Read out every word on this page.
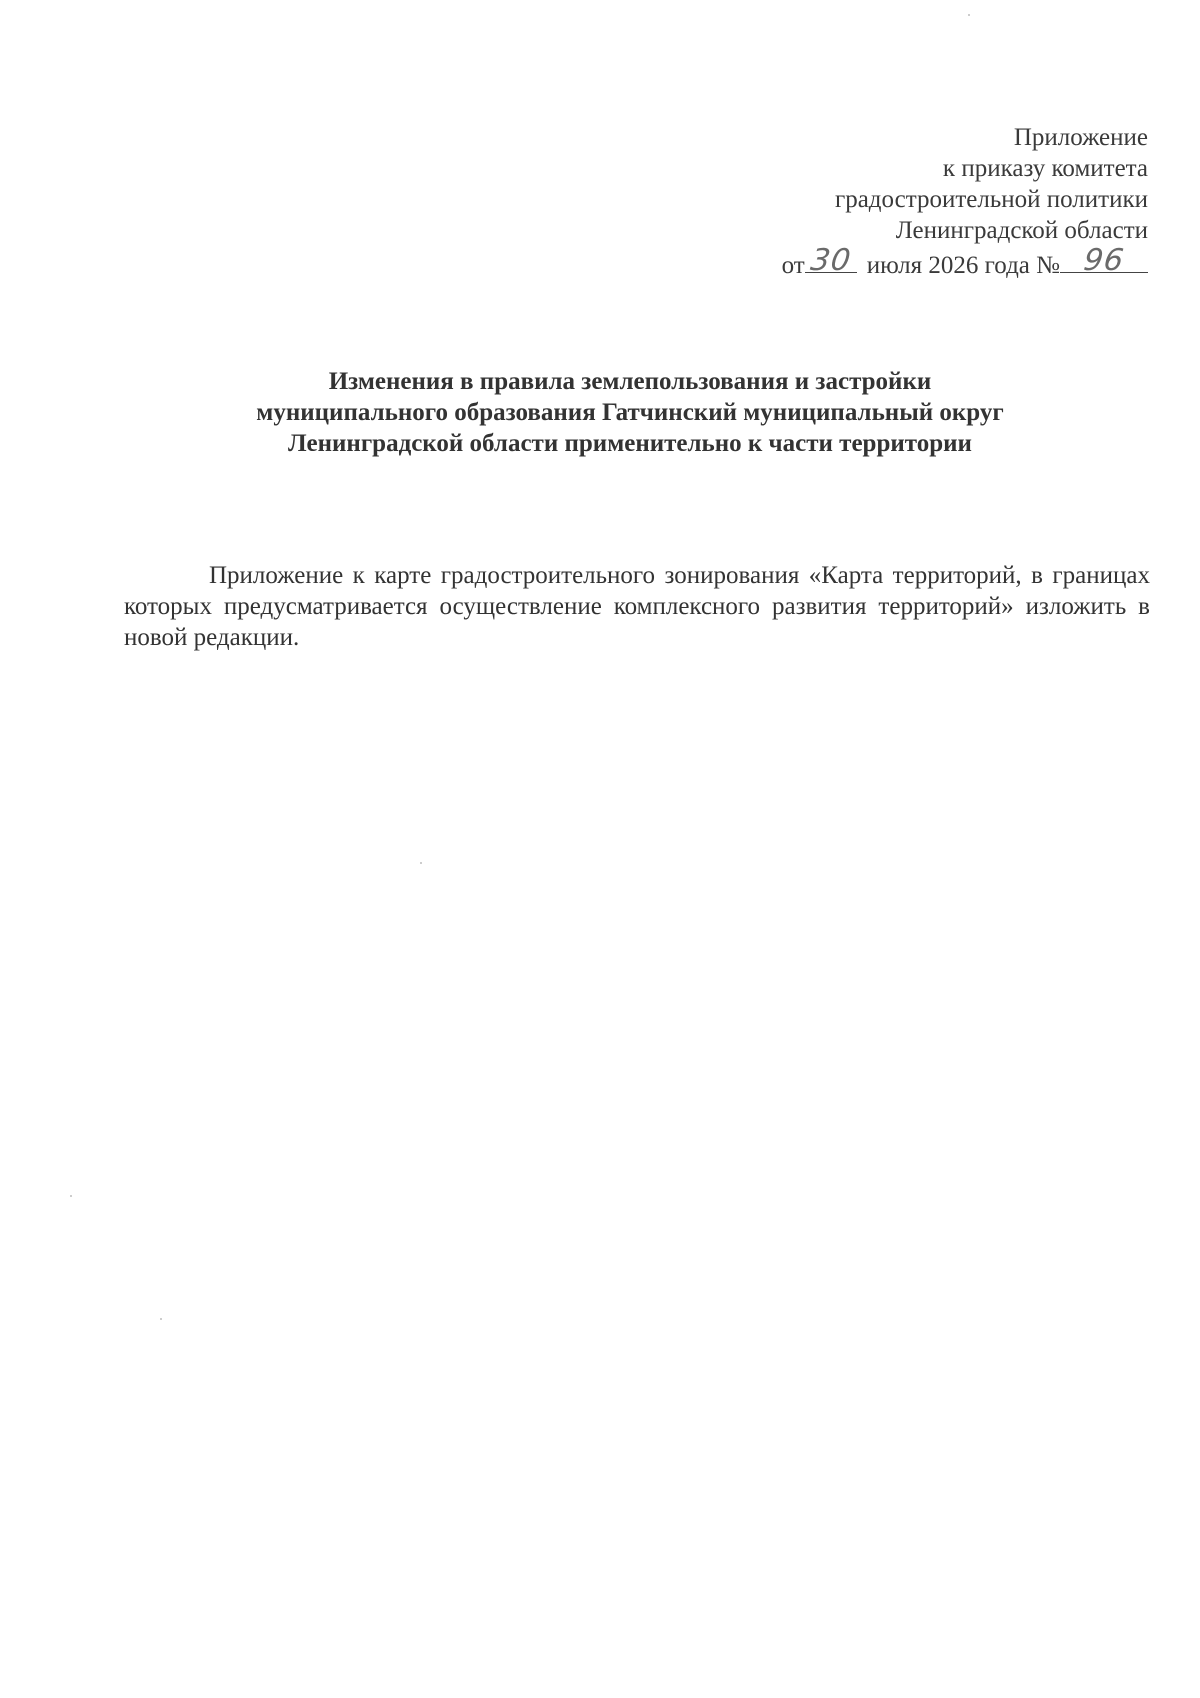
Приложение
к приказу комитета
градостроительной политики
Ленинградской области
от 30 июля 2026 года № 96
Изменения в правила землепользования и застройки
муниципального образования Гатчинский муниципальный округ
Ленинградской области применительно к части территории

Приложение к карте градостроительного зонирования «Карта территорий, в границах которых предусматривается осуществление комплексного развития территорий» изложить в новой редакции.
